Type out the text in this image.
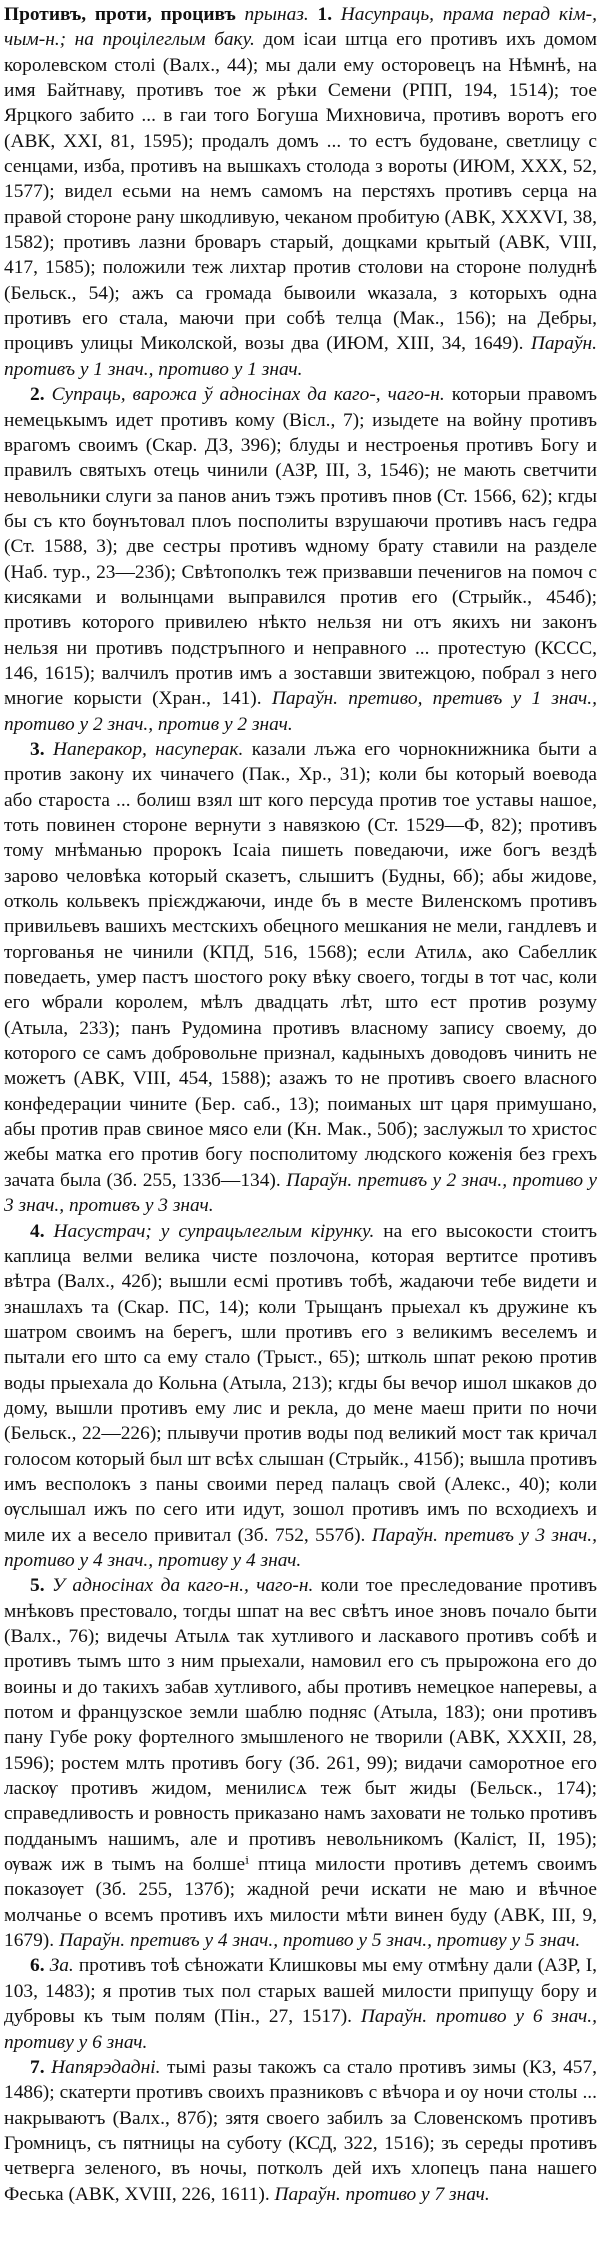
Противъ, проти, процивъ прыназ. 1. Насупраць, прама перад кім-, чым-н.; на процілеглым баку. дом ісаи штца его противъ ихъ домом королевском столі (Валх., 44); мы дали ему осторовецъ на Нѣмнѣ, на имя Байтнаву, противъ тое ж рѣки Семени (РПП, 194, 1514); тое Ярцкого забито ... в гаи того Богуша Михновича, противъ воротъ его (АВК, XXI, 81, 1595); продалъ домъ ... то естъ будоване, светлицу с сенцами, изба, противъ на вышкахъ столода з вороты (ИЮМ, XXX, 52, 1577); видел есьми на немъ самомъ на перстяхъ противъ серца на правой стороне рану шкодливую, чеканом пробитую (АВК, XXXVI, 38, 1582); противъ лазни броваръ старый, дощками крытый (АВК, VIII, 417, 1585); положили теж лихтар против столови на стороне полуднѣ (Бельск., 54); ажъ са громада бывоили ѡказала, з которыхъ одна противъ его стала, маючи при собѣ телца (Мак., 156); на Дебры, процивъ улицы Миколской, возы два (ИЮМ, XIII, 34, 1649). Параўн. противъ у 1 знач., противо у 1 знач.

2. Супраць, варожа ў адносінах да каго-, чаго-н. которыи правомъ немецькымъ идет противъ кому (Вісл., 7); изыдете на войну противъ врагомъ своимъ (Скар. ДЗ, 396); блуды и нестроенья противъ Богу и правилъ святыхъ отець чинили (АЗР, III, 3, 1546); не мають светчити невольники слуги за панов аниъ тэжъ противъ пнов (Ст. 1566, 62); кгды бы съ кто бѹнътовал плоъ посполиты взрушаючи противъ насъ гедра (Ст. 1588, 3); две сестры противъ ѡдному брату ставили на разделе (Наб. тур., 23—23б); Свѣтополкъ теж призвавши печенигов на помоч с кисяками и волынцами выправился против его (Стрыйк., 454б); противъ которого привилею нѣкто нельзя ни отъ якихъ ни законъ нельзя ни противъ подстръпного и неправного ... протестую (КССС, 146, 1615); валчилъ против имъ а зоставши звитежцою, побрал з него многие корысти (Хран., 141). Параўн. претиво, претивъ у 1 знач., противо у 2 знач., против у 2 знач.

3. Наперакор, насуперак. казали лъжа его чорнокнижника быти а против закону их чиначего (Пак., Хр., 31); коли бы который воевода або староста ... болиш взял шт кого персуда против тое уставы нашое, тоть повинен стороне вернути з навязкою (Ст. 1529—Ф, 82); противъ тому мнѣманью пророкъ Ісаіа пишеть поведаючи, иже богъ вездѣ зарово человѣка который сказетъ, слышитъ (Будны, 6б); абы жидове, отколь кольвекъ прієжджаючи, инде бъ в месте Виленскомъ противъ привильевъ вашихъ местскихъ обецного мешкания не мели, гандлевъ и торгованья не чинили (КПД, 516, 1568); если Атилѧ, ако Сабеллик поведаеть, умер пастъ шостого року вѣку своего, тогды в тот час, коли его ѡбрали королем, мѣлъ двадцать лѣт, што ест против розуму (Атыла, 233); панъ Рудомина противъ власному запису своему, до которого се самъ добровольне признал, кадыныхъ доводовъ чинить не можетъ (АВК, VIII, 454, 1588); азажъ то не противъ своего власного конфедерации чините (Бер. саб., 13); поиманых шт царя примушано, абы против прав свиное мясо ели (Кн. Мак., 50б); заслужыл то христос жебы матка его против богу посполитому людского коженія без грехъ зачата была (Зб. 255, 133б—134). Параўн. претивъ у 2 знач., противо у 3 знач., противъ у 3 знач.

4. Насустрач; у супрацьлеглым кірунку. на его высокости стоитъ каплица велми велика чисте позлочона, которая вертитсе противъ вѣтра (Валх., 42б); вышли есмі противъ тобѣ, жадаючи тебе видети и знашлахъ та (Скар. ПС, 14); коли Трыщанъ прыехал къ дружине къ шатром своимъ на берегъ, шли противъ его з великимъ веселемъ и пытали его што са ему стало (Трыст., 65); штколь шпат рекою против воды прыехала до Кольна (Атыла, 213); кгды бы вечор ишол шкаков до дому, вышли противъ ему лис и рекла, до мене маеш прити по ночи (Бельск., 22—226); плывучи против воды под великий мост так кричал голосом который был шт вcѣх слышан (Стрыйк., 415б); вышла противъ имъ весполокъ з паны своими перед палацъ свой (Алекс., 40); коли ѹслышал ижъ по сего ити идут, зошол противъ имъ по всходиехъ и миле их а весело привитал (Зб. 752, 557б). Параўн. претивъ у 3 знач., противо у 4 знач., противу у 4 знач.

5. У адносінах да каго-н., чаго-н. коли тое преследование противъ мнѣковъ престовало, тогды шпат на вес свѣтъ иное зновъ почало быти (Валх., 76); видечы Атылѧ так хутливого и ласкавого противъ собѣ и противъ тымъ што з ним прыехали, намовил его съ прырожона его до воины и до такихъ забав хутливого, абы противъ немецкое наперевы, а потом и французское земли шаблю подняс (Атыла, 183); они противъ пану Губе року фортелного змышленого не творили (АВК, XXXII, 28, 1596); ростем млть противъ богу (Зб. 261, 99); видачи саморотное его ласкѹ противъ жидом, менилисѧ теж быт жиды (Бельск., 174); справедливость и ровность приказано намъ заховати не только противъ подданымъ нашимъ, але и противъ невольникомъ (Каліст, II, 195); ѹваж иж в тымъ на болшеⁱ птица милости противъ детемъ своимъ показѹет (Зб. 255, 137б); жадной речи искати не маю и вѣчное молчанье о всемъ противъ ихъ милости мѣти винен буду (АВК, III, 9, 1679). Параўн. претивъ у 4 знач., противо у 5 знач., противу у 5 знач.

6. За. противъ тоѣ сѣножати Клишковы мы ему отмѣну дали (АЗР, I, 103, 1483); я против тых пол старых вашей милости припущу бору и дубровы къ тым полям (Пін., 27, 1517). Параўн. противо у 6 знач., противу у 6 знач.

7. Напярэдадні. тымі разы такожъ са стало противъ зимы (КЗ, 457, 1486); скатерти противъ своихъ празниковъ с вѣчора и оу ночи столы ... накрываютъ (Валх., 87б); зятя своего забилъ за Словенскомъ противъ Громницъ, съ пятницы на суботу (КСД, 322, 1516); зъ середы противъ четверга зеленого, въ ночы, потколъ дей ихъ хлопецъ пана нашего Феська (АВК, XVIII, 226, 1611). Параўн. противо у 7 знач.
